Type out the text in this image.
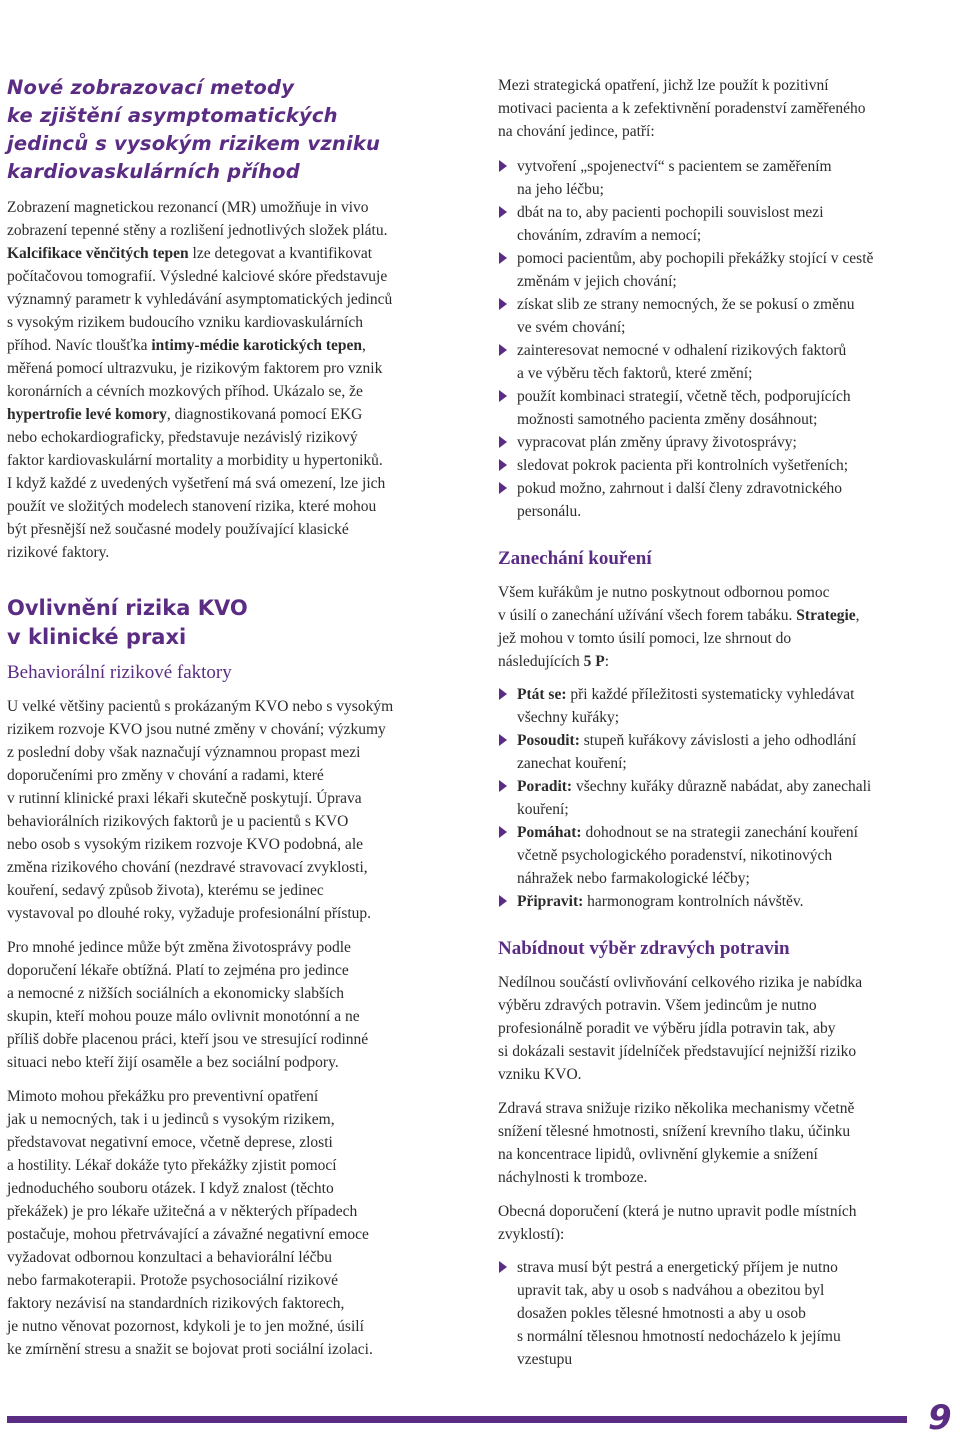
Nové zobrazovací metody
ke zjištění asymptomatických
jedinců s vysokým rizikem vzniku
kardiovaskulárních příhod
Zobrazení magnetickou rezonancí (MR) umožňuje in vivo
zobrazení tepenné stěny a rozlišení jednotlivých složek plátu.
Kalcifikace věnčitých tepen lze detegovat a kvantifikovat
počítačovou tomografií. Výsledné kalciové skóre představuje
významný parametr k vyhledávání asymptomatických jedinců
s vysokým rizikem budoucího vzniku kardiovaskulárních
příhod. Navíc tloušťka intimy-médie karotických tepen,
měřená pomocí ultrazvuku, je rizikovým faktorem pro vznik
koronárních a cévních mozkových příhod. Ukázalo se, že
hypertrofie levé komory, diagnostikovaná pomocí EKG
nebo echokardiograficky, představuje nezávislý rizikový
faktor kardiovaskulární mortality a morbidity u hypertoniků.
I když každé z uvedených vyšetření má svá omezení, lze jich
použít ve složitých modelech stanovení rizika, které mohou
být přesnější než současné modely používající klasické
rizikové faktory.
Ovlivnění rizika KVO
v klinické praxi
Behaviorální rizikové faktory
U velké většiny pacientů s prokázaným KVO nebo s vysokým
rizikem rozvoje KVO jsou nutné změny v chování; výzkumy
z poslední doby však naznačují významnou propast mezi
doporučeními pro změny v chování a radami, které
v rutinní klinické praxi lékaři skutečně poskytují. Úprava
behaviorálních rizikových faktorů je u pacientů s KVO
nebo osob s vysokým rizikem rozvoje KVO podobná, ale
změna rizikového chování (nezdravé stravovací zvyklosti,
kouření, sedavý způsob života), kterému se jedinec
vystavoval po dlouhé roky, vyžaduje profesionální přístup.
Pro mnohé jedince může být změna životosprávy podle
doporučení lékaře obtížná. Platí to zejména pro jedince
a nemocné z nižších sociálních a ekonomicky slabších
skupin, kteří mohou pouze málo ovlivnit monotónní a ne
příliš dobře placenou práci, kteří jsou ve stresující rodinné
situaci nebo kteří žijí osaměle a bez sociální podpory.
Mimoto mohou překážku pro preventivní opatření
jak u nemocných, tak i u jedinců s vysokým rizikem,
představovat negativní emoce, včetně deprese, zlosti
a hostility. Lékař dokáže tyto překážky zjistit pomocí
jednoduchého souboru otázek. I když znalost (těchto
překážek) je pro lékaře užitečná a v některých případech
postačuje, mohou přetrvávající a závažné negativní emoce
vyžadovat odbornou konzultaci a behaviorální léčbu
nebo farmakoterapii. Protože psychosociální rizikové
faktory nezávisí na standardních rizikových faktorech,
je nutno věnovat pozornost, kdykoli je to jen možné, úsilí
ke zmírnění stresu a snažit se bojovat proti sociální izolaci.
Mezi strategická opatření, jichž lze použít k pozitivní
motivaci pacienta a k zefektivnění poradenství zaměřeného
na chování jedince, patří:
vytvoření „spojenectví“ s pacientem se zaměřením
na jeho léčbu;
dbát na to, aby pacienti pochopili souvislost mezi
chováním, zdravím a nemocí;
pomoci pacientům, aby pochopili překážky stojící v cestě
změnám v jejich chování;
získat slib ze strany nemocných, že se pokusí o změnu
ve svém chování;
zainteresovat nemocné v odhalení rizikových faktorů
a ve výběru těch faktorů, které změní;
použít kombinaci strategií, včetně těch, podporujících
možnosti samotného pacienta změny dosáhnout;
vypracovat plán změny úpravy životosprávy;
sledovat pokrok pacienta při kontrolních vyšetřeních;
pokud možno, zahrnout i další členy zdravotnického
personálu.
Zanechání kouření
Všem kuřákům je nutno poskytnout odbornou pomoc
v úsilí o zanechání užívání všech forem tabáku. Strategie,
jež mohou v tomto úsilí pomoci, lze shrnout do
následujících 5 P:
Ptát se: při každé příležitosti systematicky vyhledávat
všechny kuřáky;
Posoudit: stupeň kuřákovy závislosti a jeho odhodlání
zanechat kouření;
Poradit: všechny kuřáky důrazně nabádat, aby zanechali
kouření;
Pomáhat: dohodnout se na strategii zanechání kouření
včetně psychologického poradenství, nikotinových
náhražek nebo farmakologické léčby;
Připravit: harmonogram kontrolních návštěv.
Nabídnout výběr zdravých potravin
Nedílnou součástí ovlivňování celkového rizika je nabídka
výběru zdravých potravin. Všem jedincům je nutno
profesionálně poradit ve výběru jídla potravin tak, aby
si dokázali sestavit jídelníček představující nejnižší riziko
vzniku KVO.
Zdravá strava snižuje riziko několika mechanismy včetně
snížení tělesné hmotnosti, snížení krevního tlaku, účinku
na koncentrace lipidů, ovlivnění glykemie a snížení
náchylnosti k tromboze.
Obecná doporučení (která je nutno upravit podle místních
zvyklostí):
strava musí být pestrá a energetický příjem je nutno
upravit tak, aby u osob s nadváhou a obezitou byl
dosažen pokles tělesné hmotnosti a aby u osob
s normální tělesnou hmotností nedocházelo k jejímu
vzestupu
9
